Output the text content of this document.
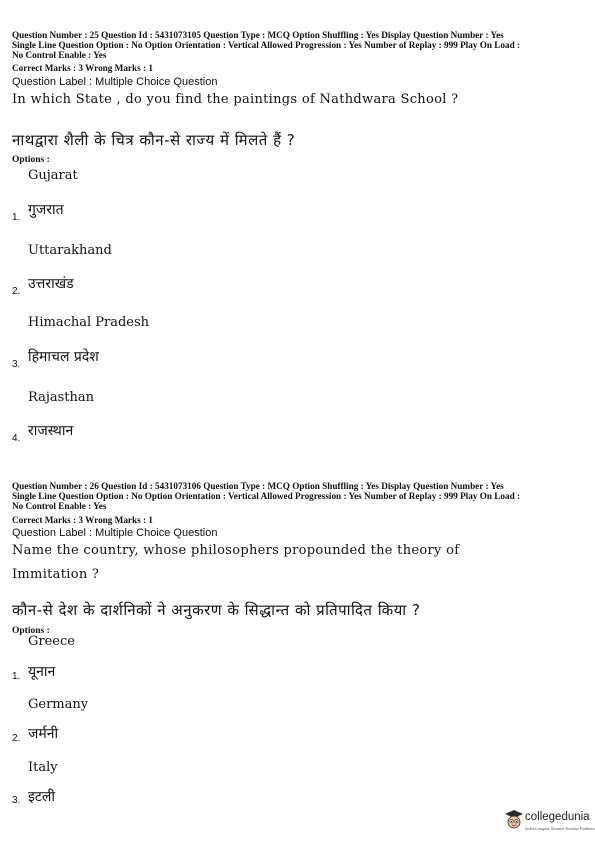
Question Number : 25 Question Id : 5431073105 Question Type : MCQ Option Shuffling : Yes Display Question Number : Yes
Single Line Question Option : No Option Orientation : Vertical Allowed Progression : Yes Number of Replay : 999 Play On Load :
No Control Enable : Yes
Correct Marks : 3 Wrong Marks : 1
Question Label : Multiple Choice Question
In which State , do you find the paintings of Nathdwara School ?
नाथद्वारा शैली के चित्र कौन-से राज्य में मिलते हैं ?
Options :
Gujarat
गुजरात
1.
Uttarakhand
उत्तराखंड
2.
Himachal Pradesh
हिमाचल प्रदेश
3.
Rajasthan
राजस्थान
4.
Question Number : 26 Question Id : 5431073106 Question Type : MCQ Option Shuffling : Yes Display Question Number : Yes
Single Line Question Option : No Option Orientation : Vertical Allowed Progression : Yes Number of Replay : 999 Play On Load :
No Control Enable : Yes
Correct Marks : 3 Wrong Marks : 1
Question Label : Multiple Choice Question
Name the country, whose philosophers propounded the theory of
Immitation ?
कौन-से देश के दार्शनिकों ने अनुकरण के सिद्धान्त को प्रतिपादित किया ?
Options :
Greece
यूनान
1.
Germany
जर्मनी
2.
Italy
इटली
3.
collegedunia
India's largest Student Review Platform
